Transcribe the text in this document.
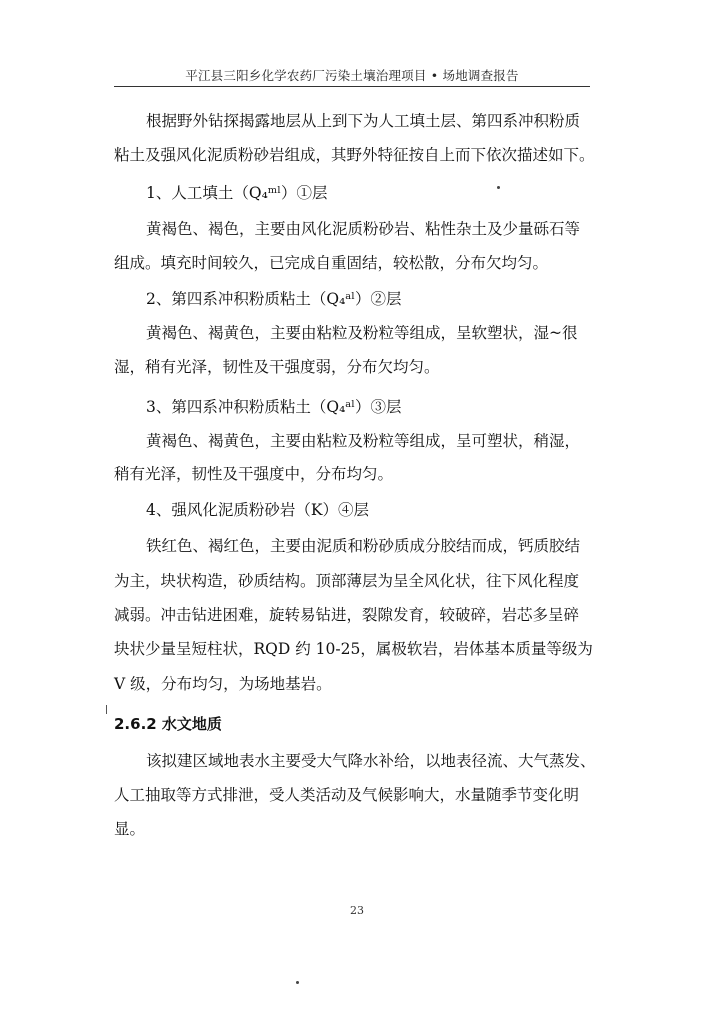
平江县三阳乡化学农药厂污染土壤治理项目 • 场地调查报告

根据野外钻探揭露地层从上到下为人工填土层、第四系冲积粉质

粘土及强风化泥质粉砂岩组成，其野外特征按自上而下依次描述如下。

1、人工填土（Q₄ᵐˡ）①层

黄褐色、褐色，主要由风化泥质粉砂岩、粘性杂土及少量砾石等

组成。填充时间较久，已完成自重固结，较松散，分布欠均匀。

2、第四系冲积粉质粘土（Q₄ᵃˡ）②层

黄褐色、褐黄色，主要由粘粒及粉粒等组成，呈软塑状，湿~很

湿，稍有光泽，韧性及干强度弱，分布欠均匀。

3、第四系冲积粉质粘土（Q₄ᵃˡ）③层

黄褐色、褐黄色，主要由粘粒及粉粒等组成，呈可塑状，稍湿，

稍有光泽，韧性及干强度中，分布均匀。

4、强风化泥质粉砂岩（K）④层

铁红色、褐红色，主要由泥质和粉砂质成分胶结而成，钙质胶结

为主，块状构造，砂质结构。顶部薄层为呈全风化状，往下风化程度

减弱。冲击钻进困难，旋转易钻进，裂隙发育，较破碎，岩芯多呈碎

块状少量呈短柱状，RQD 约 10-25，属极软岩，岩体基本质量等级为

V 级，分布均匀，为场地基岩。

2.6.2 水文地质

该拟建区域地表水主要受大气降水补给，以地表径流、大气蒸发、

人工抽取等方式排泄，受人类活动及气候影响大，水量随季节变化明

显。

23
